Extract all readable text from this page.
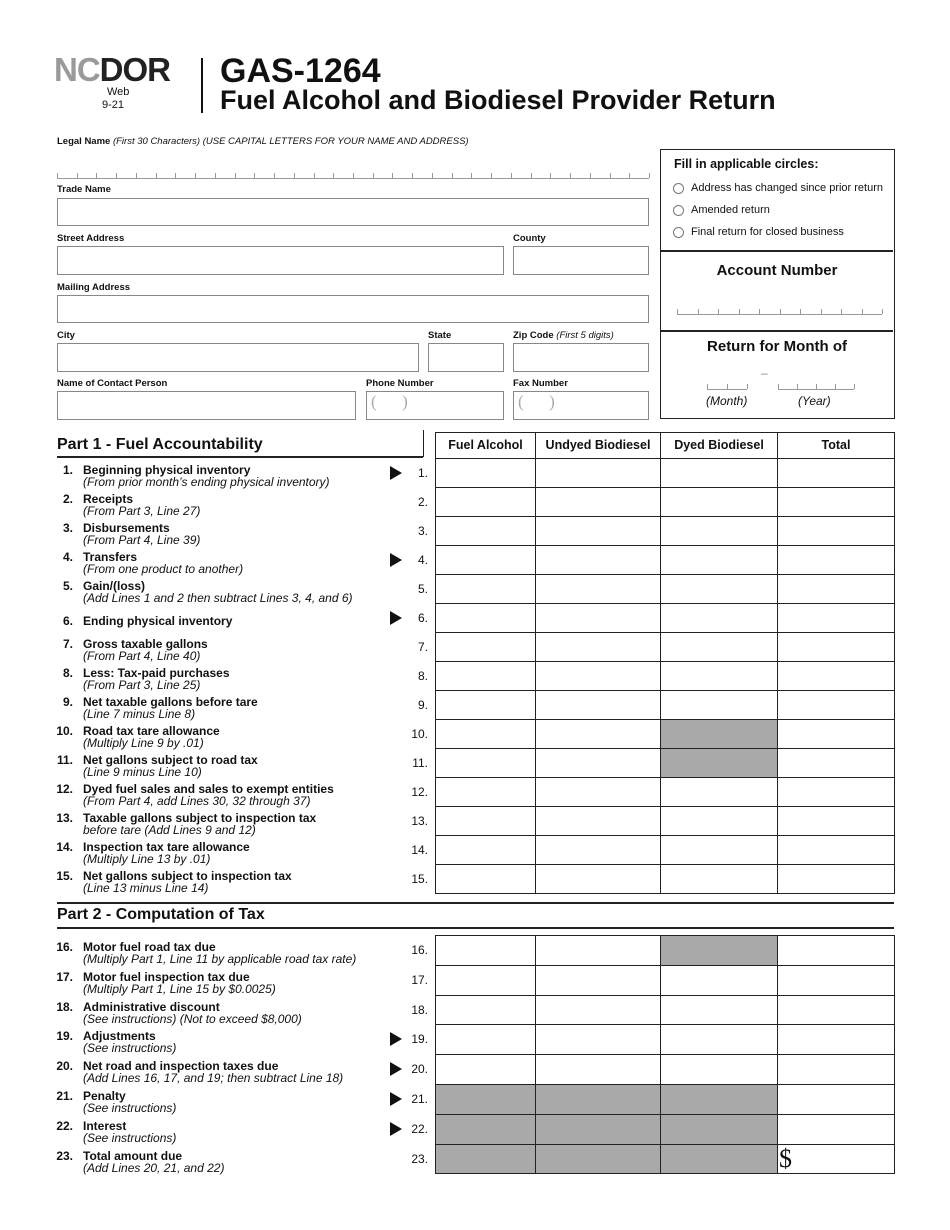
NCDOR
Web
9-21
GAS-1264
Fuel Alcohol and Biodiesel Provider Return
Legal Name (First 30 Characters) (USE CAPITAL LETTERS FOR YOUR NAME AND ADDRESS)
Trade Name
Street Address	County
Mailing Address
City	State	Zip Code (First 5 digits)
Name of Contact Person	Phone Number
(      )
Fax Number
(      )
Fill in applicable circles:
Address has changed since prior return
Amended return
Final return for closed business
Account Number
Return for Month of
–
(Month)	(Year)
Part 1 - Fuel Accountability	Fuel Alcohol	Undyed Biodiesel	Dyed Biodiesel	Total
1. Beginning physical inventory
(From prior month’s ending physical inventory)
1.
2. Receipts
(From Part 3, Line 27)
2.
3. Disbursements
(From Part 4, Line 39)
3.
4. Transfers
(From one product to another)
4.
5. Gain/(loss)
(Add Lines 1 and 2 then subtract Lines 3, 4, and 6)
5.
6. Ending physical inventory	6.
7. Gross taxable gallons
(From Part 4, Line 40)
7.
8. Less: Tax-paid purchases
(From Part 3, Line 25)
8.
9. Net taxable gallons before tare
(Line 7 minus Line 8)
9.
10. Road tax tare allowance
(Multiply Line 9 by .01)
10.
11. Net gallons subject to road tax
(Line 9 minus Line 10)
11.
12. Dyed fuel sales and sales to exempt entities
(From Part 4, add Lines 30, 32 through 37)
12.
13. Taxable gallons subject to inspection tax
before tare (Add Lines 9 and 12)
13.
14. Inspection tax tare allowance
(Multiply Line 13 by .01)
14.
15. Net gallons subject to inspection tax
(Line 13 minus Line 14)
15.
Part 2 - Computation of Tax
16. Motor fuel road tax due
(Multiply Part 1, Line 11 by applicable road tax rate)
16.
17. Motor fuel inspection tax due
(Multiply Part 1, Line 15 by $0.0025)
17.
18. Administrative discount
(See instructions) (Not to exceed $8,000)
18.
19. Adjustments
(See instructions)
19.
20. Net road and inspection taxes due
(Add Lines 16, 17, and 19; then subtract Line 18)
20.
21. Penalty
(See instructions)
21.
22. Interest
(See instructions)
22.
23. Total amount due
(Add Lines 20, 21, and 22)
23.	$
